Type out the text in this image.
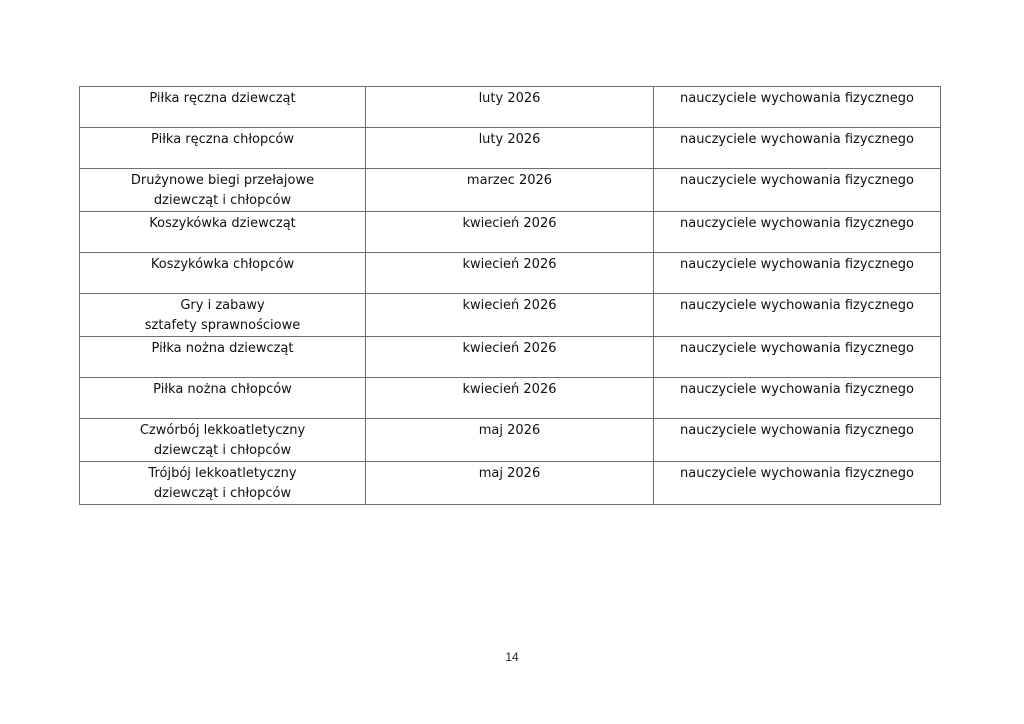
Piłka ręczna dziewcząt	luty 2026	nauczyciele wychowania fizycznego

Piłka ręczna chłopców	luty 2026	nauczyciele wychowania fizycznego

Drużynowe biegi przełajowe
dziewcząt i chłopców	marzec 2026	nauczyciele wychowania fizycznego

Koszykówka dziewcząt	kwiecień 2026	nauczyciele wychowania fizycznego

Koszykówka chłopców	kwiecień 2026	nauczyciele wychowania fizycznego

Gry i zabawy
sztafety sprawnościowe	kwiecień 2026	nauczyciele wychowania fizycznego

Piłka nożna dziewcząt	kwiecień 2026	nauczyciele wychowania fizycznego

Piłka nożna chłopców	kwiecień 2026	nauczyciele wychowania fizycznego

Czwórbój lekkoatletyczny
dziewcząt i chłopców	maj 2026	nauczyciele wychowania fizycznego

Trójbój lekkoatletyczny
dziewcząt i chłopców	maj 2026	nauczyciele wychowania fizycznego
14
